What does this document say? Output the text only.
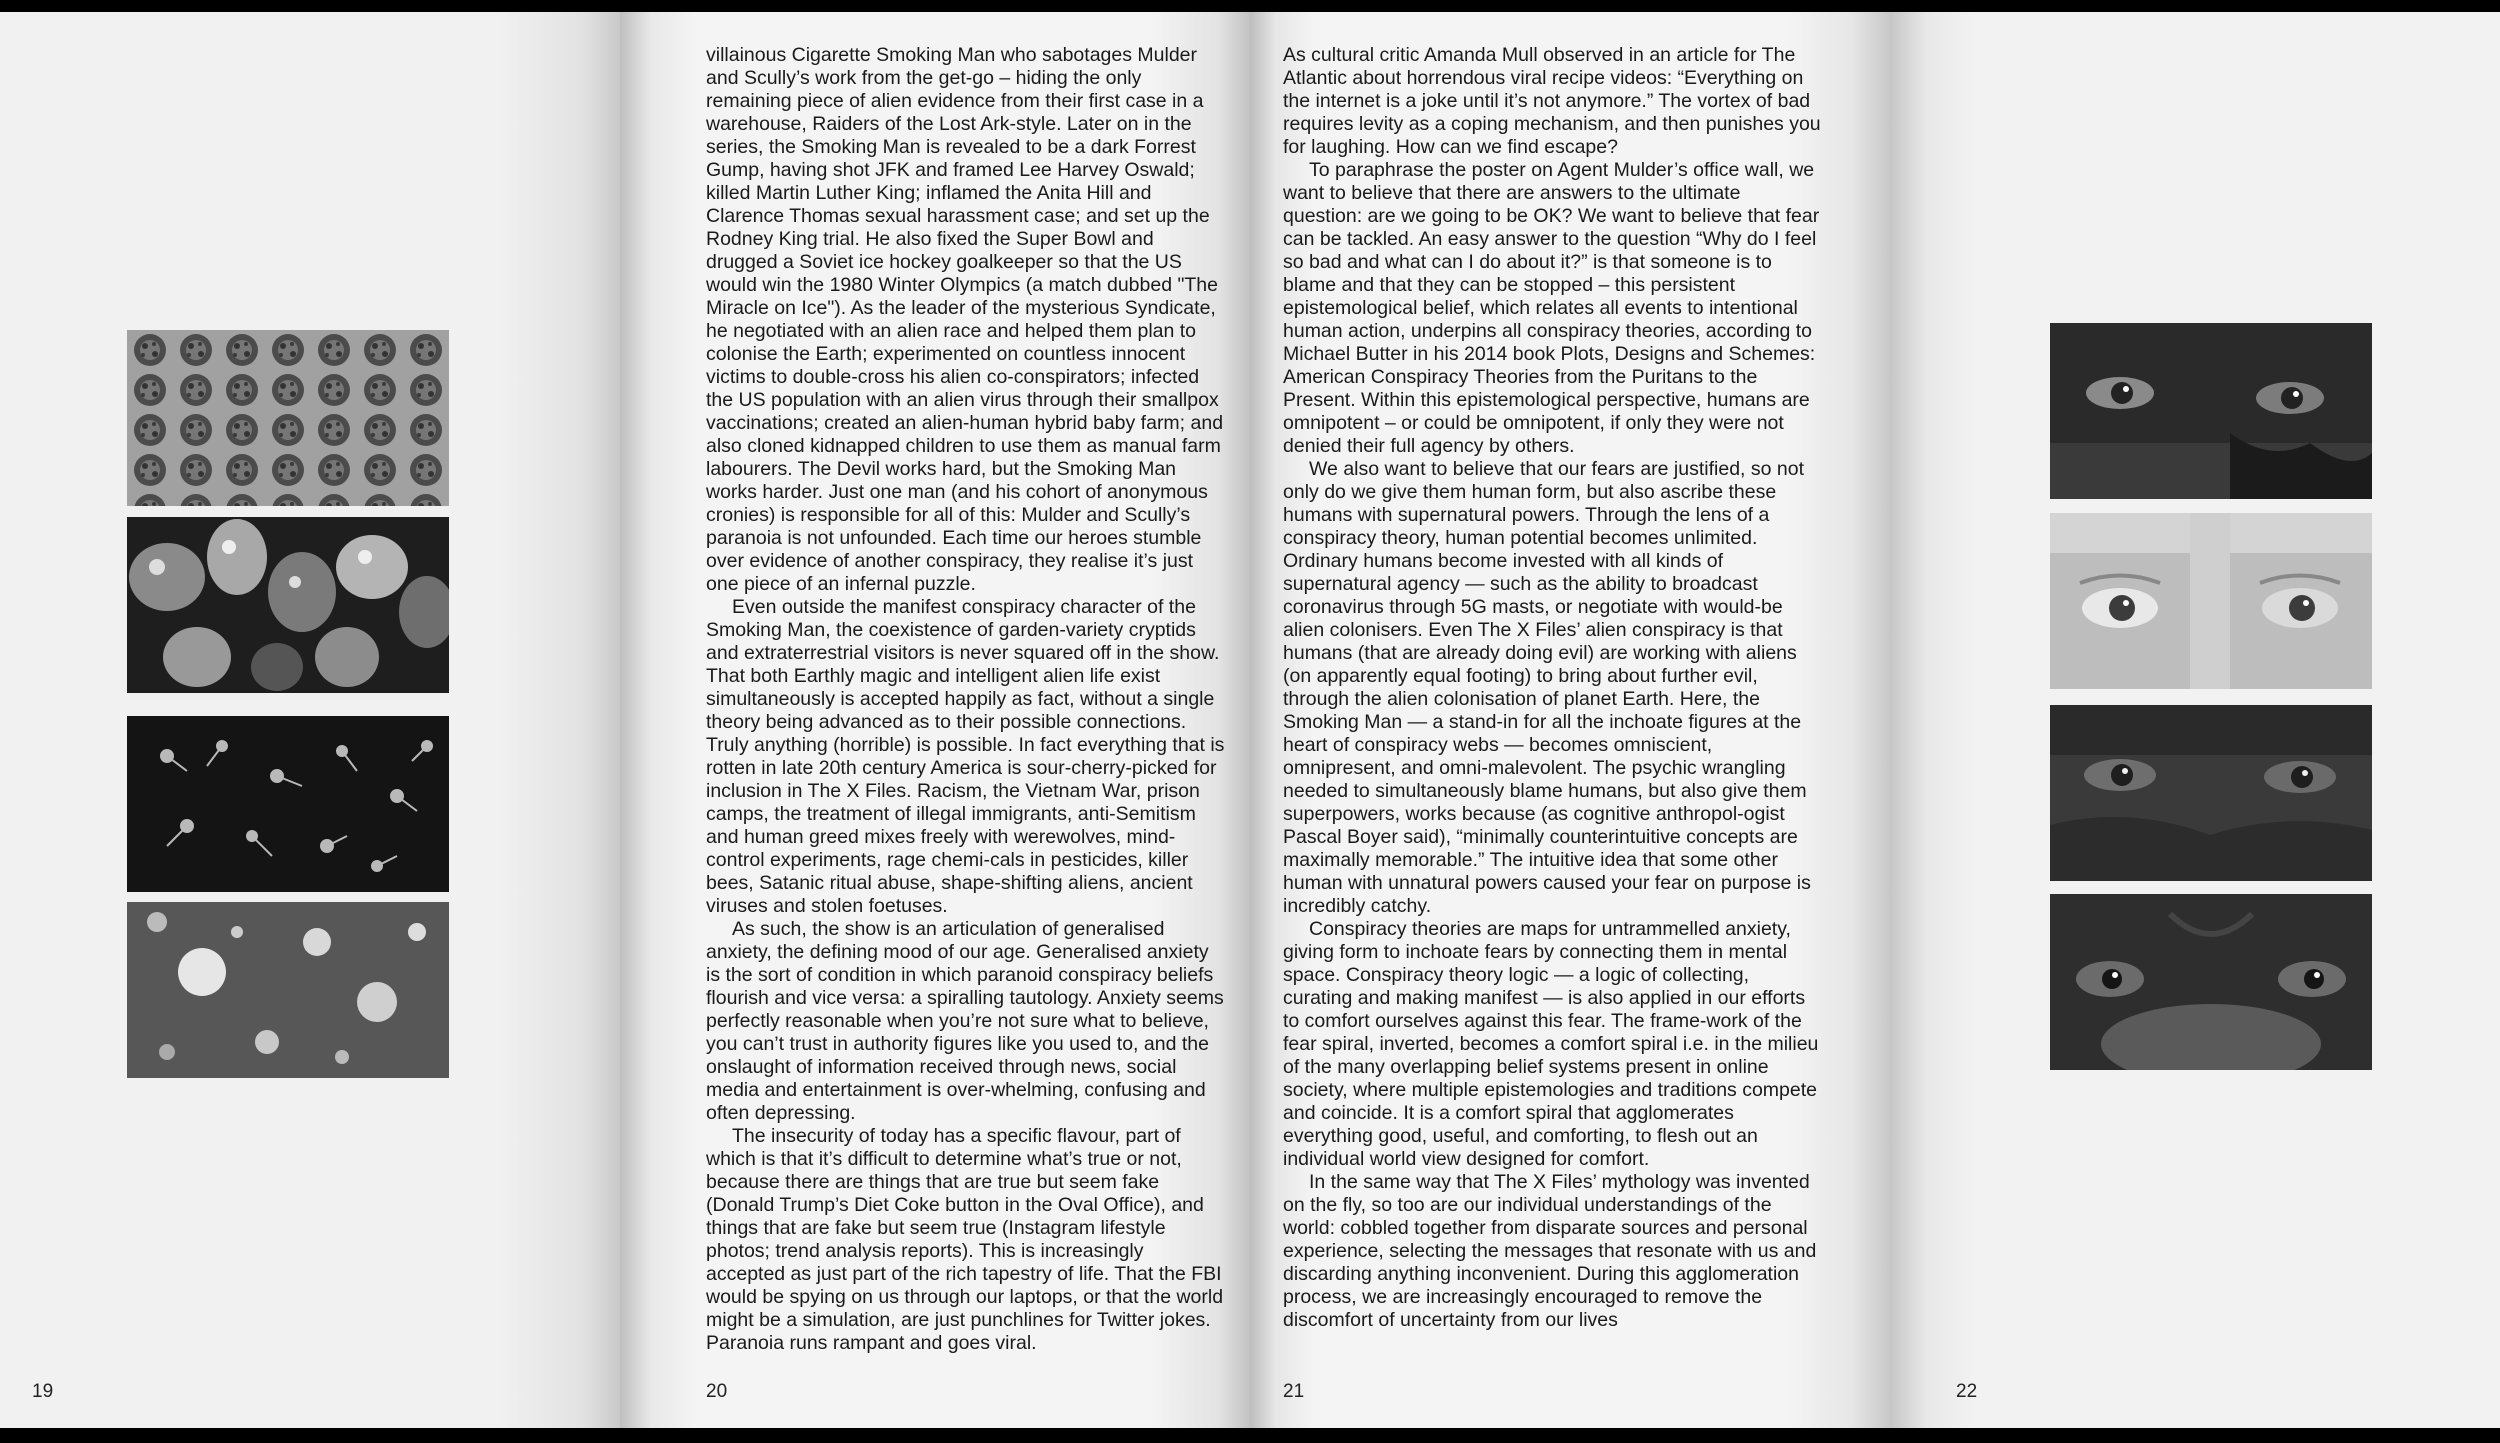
19

villainous Cigarette Smoking Man who sabotages Mulder and Scully’s work from the get-go – hiding the only remaining piece of alien evidence from their first case in a warehouse, Raiders of the Lost Ark-style. Later on in the series, the Smoking Man is revealed to be a dark Forrest Gump, having shot JFK and framed Lee Harvey Oswald; killed Martin Luther King; inflamed the Anita Hill and Clarence Thomas sexual harassment case; and set up the Rodney King trial. He also fixed the Super Bowl and drugged a Soviet ice hockey goalkeeper so that the US would win the 1980 Winter Olympics (a match dubbed "The Miracle on Ice"). As the leader of the mysterious Syndicate, he negotiated with an alien race and helped them plan to colonise the Earth; experimented on countless innocent victims to double-cross his alien co-conspirators; infected the US population with an alien virus through their smallpox vaccinations; created an alien-human hybrid baby farm; and also cloned kidnapped children to use them as manual farm labourers. The Devil works hard, but the Smoking Man works harder. Just one man (and his cohort of anonymous cronies) is responsible for all of this: Mulder and Scully’s paranoia is not unfounded. Each time our heroes stumble over evidence of another conspiracy, they realise it’s just one piece of an infernal puzzle.

Even outside the manifest conspiracy character of the Smoking Man, the coexistence of garden-variety cryptids and extraterrestrial visitors is never squared off in the show. That both Earthly magic and intelligent alien life exist simultaneously is accepted happily as fact, without a single theory being advanced as to their possible connections. Truly anything (horrible) is possible. In fact everything that is rotten in late 20th century America is sour-cherry-picked for inclusion in The X Files. Racism, the Vietnam War, prison camps, the treatment of illegal immigrants, anti-Semitism and human greed mixes freely with werewolves, mind-control experiments, rage chemi-cals in pesticides, killer bees, Satanic ritual abuse, shape-shifting aliens, ancient viruses and stolen foetuses.

As such, the show is an articulation of generalised anxiety, the defining mood of our age. Generalised anxiety is the sort of condition in which paranoid conspiracy beliefs flourish and vice versa: a spiralling tautology. Anxiety seems perfectly reasonable when you’re not sure what to believe, you can’t trust in authority figures like you used to, and the onslaught of information received through news, social media and entertainment is over-whelming, confusing and often depressing.

The insecurity of today has a specific flavour, part of which is that it’s difficult to determine what’s true or not, because there are things that are true but seem fake (Donald Trump’s Diet Coke button in the Oval Office), and things that are fake but seem true (Instagram lifestyle photos; trend analysis reports). This is increasingly accepted as just part of the rich tapestry of life. That the FBI would be spying on us through our laptops, or that the world might be a simulation, are just punchlines for Twitter jokes. Paranoia runs rampant and goes viral.

20

As cultural critic Amanda Mull observed in an article for The Atlantic about horrendous viral recipe videos: “Everything on the internet is a joke until it’s not anymore.” The vortex of bad requires levity as a coping mechanism, and then punishes you for laughing. How can we find escape?

To paraphrase the poster on Agent Mulder’s office wall, we want to believe that there are answers to the ultimate question: are we going to be OK? We want to believe that fear can be tackled. An easy answer to the question “Why do I feel so bad and what can I do about it?” is that someone is to blame and that they can be stopped – this persistent epistemological belief, which relates all events to intentional human action, underpins all conspiracy theories, according to Michael Butter in his 2014 book Plots, Designs and Schemes: American Conspiracy Theories from the Puritans to the Present. Within this epistemological perspective, humans are omnipotent – or could be omnipotent, if only they were not denied their full agency by others.

We also want to believe that our fears are justified, so not only do we give them human form, but also ascribe these humans with supernatural powers. Through the lens of a conspiracy theory, human potential becomes unlimited. Ordinary humans become invested with all kinds of supernatural agency — such as the ability to broadcast coronavirus through 5G masts, or negotiate with would-be alien colonisers. Even The X Files’ alien conspiracy is that humans (that are already doing evil) are working with aliens (on apparently equal footing) to bring about further evil, through the alien colonisation of planet Earth. Here, the Smoking Man — a stand-in for all the inchoate figures at the heart of conspiracy webs — becomes omniscient, omnipresent, and omni-malevolent. The psychic wrangling needed to simultaneously blame humans, but also give them superpowers, works because (as cognitive anthropol-ogist Pascal Boyer said), “minimally counterintuitive concepts are maximally memorable.” The intuitive idea that some other human with unnatural powers caused your fear on purpose is incredibly catchy.

Conspiracy theories are maps for untrammelled anxiety, giving form to inchoate fears by connecting them in mental space. Conspiracy theory logic — a logic of collecting, curating and making manifest — is also applied in our efforts to comfort ourselves against this fear. The frame-work of the fear spiral, inverted, becomes a comfort spiral i.e. in the milieu of the many overlapping belief systems present in online society, where multiple epistemologies and traditions compete and coincide. It is a comfort spiral that agglomerates everything good, useful, and comforting, to flesh out an individual world view designed for comfort.

In the same way that The X Files’ mythology was invented on the fly, so too are our individual understandings of the world: cobbled together from disparate sources and personal experience, selecting the messages that resonate with us and discarding anything inconvenient. During this agglomeration process, we are increasingly encouraged to remove the discomfort of uncertainty from our lives

21	22
